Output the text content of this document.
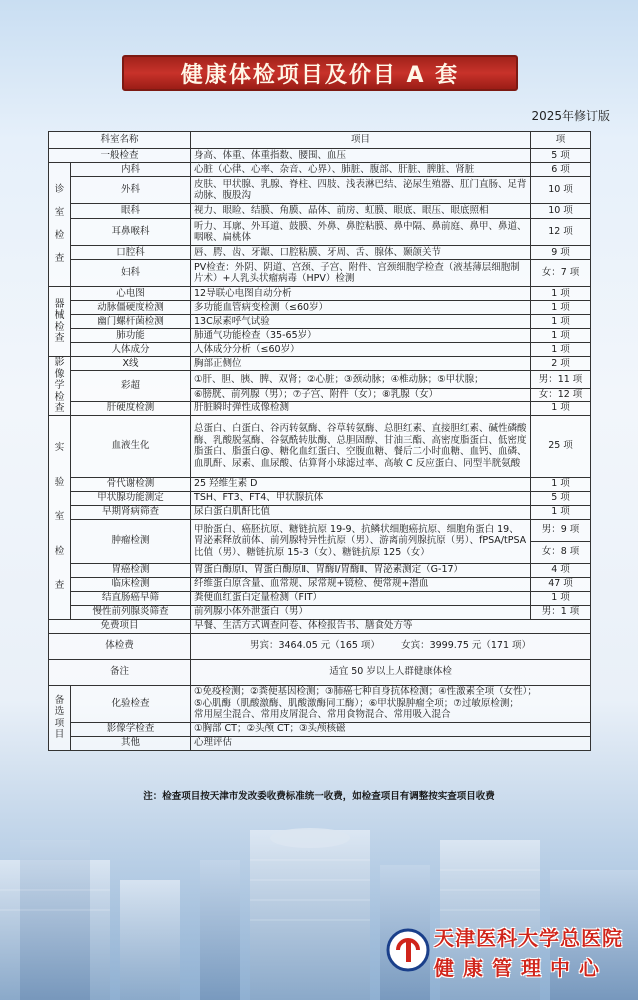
健康体检项目及价目 A 套
2025年修订版
科室名称		项目	项
一般检查		身高、体重、体重指数、腰围、血压	5 项
诊

室

检

查	内科	心脏（心律、心率、杂音、心界）、肺脏、腹部、肝脏、脾脏、肾脏	6 项
	外科	皮肤、甲状腺、乳腺、脊柱、四肢、浅表淋巴结、泌尿生殖器、肛门直肠、足背动脉、腹股沟	10 项
	眼科	视力、眼睑、结膜、角膜、晶体、前房、虹膜、眼底、眼压、眼底照相	10 项
	耳鼻喉科	听力、耳廓、外耳道、鼓膜、外鼻、鼻腔粘膜、鼻中隔、鼻前庭、鼻甲、鼻道、咽喉、扁桃体	12 项
	口腔科	唇、腭、齿、牙龈、口腔粘膜、牙周、舌、腺体、颞颌关节	9 项
	妇科	PV检查：外阴、阴道、宫颈、子宫、附件、宫颈细胞学检查（液基薄层细胞制片术）+人乳头状瘤病毒（HPV）检测	女：7 项
器械检查	心电图	12导联心电图自动分析	1 项
	动脉僵硬度检测	多功能血管病变检测（≤60岁）	1 项
	幽门螺杆菌检测	13C尿素呼气试验	1 项
	肺功能	肺通气功能检查（35-65岁）	1 项
	人体成分	人体成分分析（≤60岁）	1 项
影像学检查	X线	胸部正侧位	2 项
	彩超	①肝、胆、胰、脾、双肾；②心脏；③颈动脉；④椎动脉；⑤甲状腺；	男：11 项
		⑥膀胱、前列腺（男）；⑦子宫、附件（女）；⑧乳腺（女）	女：12 项
	肝硬度检测	肝脏瞬时弹性成像检测	1 项
实

验

室

检

查	血液生化	总蛋白、白蛋白、谷丙转氨酶、谷草转氨酶、总胆红素、直接胆红素、碱性磷酸酶、乳酸脱氢酶、谷氨酰转肽酶、总胆固醇、甘油三酯、高密度脂蛋白、低密度脂蛋白、脂蛋白@、糖化血红蛋白、空腹血糖、餐后二小时血糖、血钙、血磷、血肌酐、尿素、血尿酸、估算肾小球滤过率、高敏 C 反应蛋白、同型半胱氨酸	25 项
	骨代谢检测	25 羟维生素 D	1 项
	甲状腺功能测定	TSH、FT3、FT4、甲状腺抗体	5 项
	早期肾病筛查	尿白蛋白肌酐比值	1 项
	肿瘤检测	甲胎蛋白、癌胚抗原、糖链抗原 19-9、抗鳞状细胞癌抗原、细胞角蛋白 19、胃泌素释放前体、前列腺特异性抗原（男）、游离前列腺抗原（男）、fPSA/tPSA 比值（男）、糖链抗原 15-3（女）、糖链抗原 125（女）	男：9 项
			女：8 项
	胃癌检测	胃蛋白酶原Ⅰ、胃蛋白酶原Ⅱ、胃酶Ⅰ/胃酶Ⅱ、胃泌素测定（G-17）	4 项
	临床检测	纤维蛋白原含量、血常规、尿常规+镜检、便常规+潜血	47 项
	结直肠癌早筛	粪便血红蛋白定量检测（FIT）	1 项
	慢性前列腺炎筛查	前列腺小体外泄蛋白（男）	男：1 项
免费项目		早餐、生活方式调查问卷、体检报告书、膳食处方等	
体检费		男宾：3464.05 元（165 项） 女宾：3999.75 元（171 项）	
备注		适宜 50 岁以上人群健康体检	
备
选
项
目	化验检查	①免疫检测；②粪便基因检测；③肺癌七种自身抗体检测；④性激素全项（女性）；
⑤心肌酶（肌酸激酶、肌酸激酶同工酶）；⑥甲状腺肿瘤全项；⑦过敏原检测；
常用屋尘混合、常用皮屑混合、常用食物混合、常用吸入混合	
	影像学检查	①胸部 CT；②头颅 CT；③头颅核磁	
	其他	心理评估	
注：检查项目按天津市发改委收费标准统一收费，如检查项目有调整按实查项目收费
天津医科大学总医院
健康管理中心
